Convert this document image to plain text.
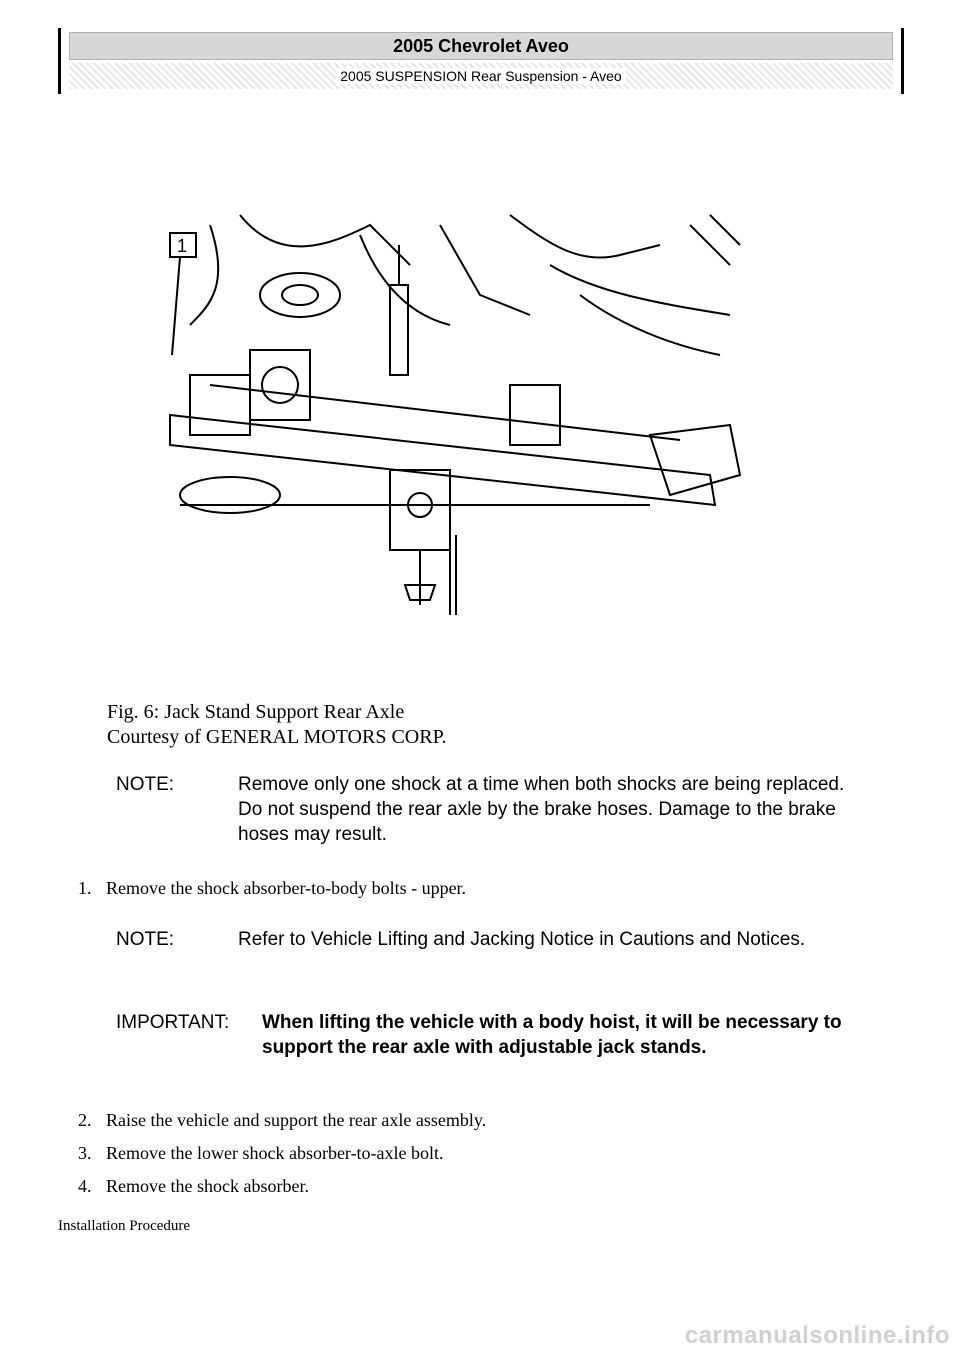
2005 Chevrolet Aveo
2005 SUSPENSION Rear Suspension - Aveo
1
Fig. 6: Jack Stand Support Rear Axle
Courtesy of GENERAL MOTORS CORP.
NOTE:	Remove only one shock at a time when both shocks are being replaced. Do not suspend the rear axle by the brake hoses. Damage to the brake hoses may result.
1. Remove the shock absorber-to-body bolts - upper.
NOTE:	Refer to Vehicle Lifting and Jacking Notice in Cautions and Notices.
IMPORTANT: When lifting the vehicle with a body hoist, it will be necessary to support the rear axle with adjustable jack stands.
2. Raise the vehicle and support the rear axle assembly.
3. Remove the lower shock absorber-to-axle bolt.
4. Remove the shock absorber.
Installation Procedure
carmanualsonline.info
